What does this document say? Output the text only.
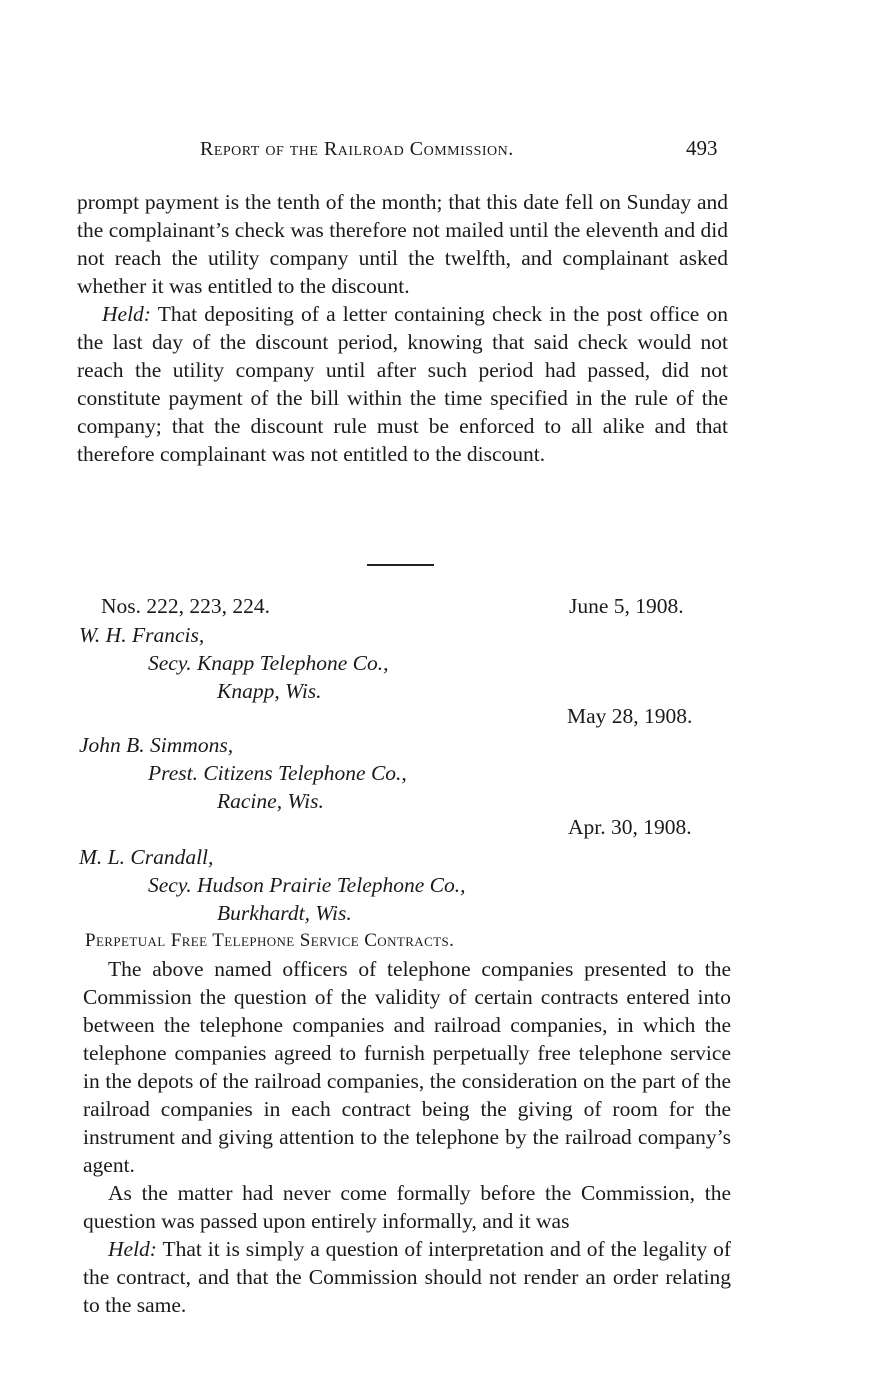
Report of the Railroad Commission.	493

prompt payment is the tenth of the month; that this date fell on Sunday and the complainant’s check was therefore not mailed until the eleventh and did not reach the utility company until the twelfth, and complainant asked whether it was entitled to the discount.

Held: That depositing of a letter containing check in the post office on the last day of the discount period, knowing that said check would not reach the utility company until after such period had passed, did not constitute payment of the bill within the time specified in the rule of the company; that the discount rule must be enforced to all alike and that therefore complainant was not entitled to the discount.

Nos. 222, 223, 224.	June 5, 1908.
W. H. Francis,
Secy. Knapp Telephone Co.,
Knapp, Wis.
May 28, 1908.
John B. Simmons,
Prest. Citizens Telephone Co.,
Racine, Wis.
Apr. 30, 1908.
M. L. Crandall,
Secy. Hudson Prairie Telephone Co.,
Burkhardt, Wis.
Perpetual Free Telephone Service Contracts.

The above named officers of telephone companies presented to the Commission the question of the validity of certain contracts entered into between the telephone companies and railroad companies, in which the telephone companies agreed to furnish perpetually free telephone service in the depots of the railroad companies, the consideration on the part of the railroad companies in each contract being the giving of room for the instrument and giving attention to the telephone by the railroad company’s agent.

As the matter had never come formally before the Commission, the question was passed upon entirely informally, and it was

Held: That it is simply a question of interpretation and of the legality of the contract, and that the Commission should not render an order relating to the same.
